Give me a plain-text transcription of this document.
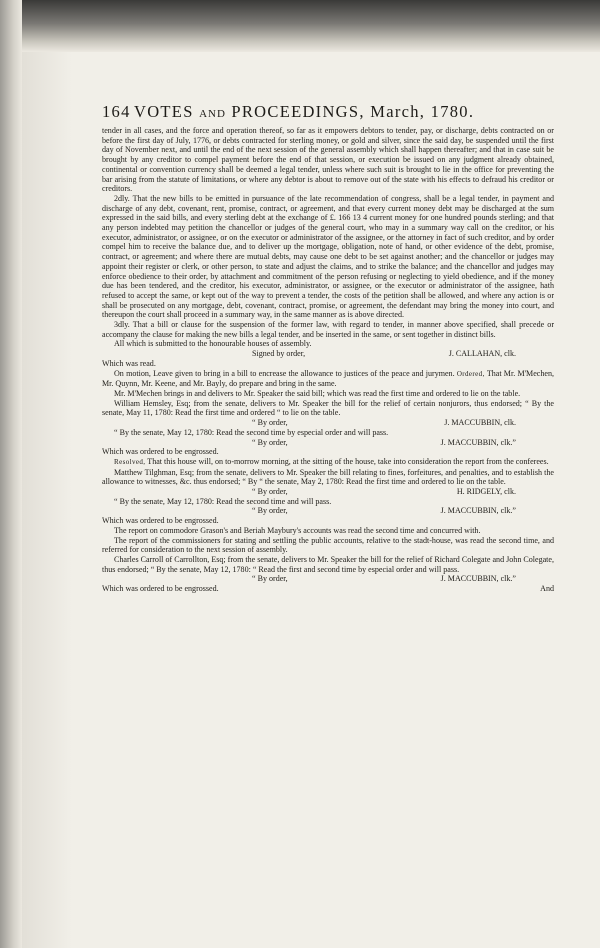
164 VOTES AND PROCEEDINGS, March, 1780.

tender in all cases, and the force and operation thereof, so far as it empowers debtors to tender, pay, or discharge, debts contracted on or before the first day of July, 1776, or debts contracted for sterling money, or gold and silver, since the said day, be suspended until the first day of November next, and until the end of the next session of the general assembly which shall happen thereafter; and that in case suit be brought by any creditor to compel payment before the end of that session, or execution be issued on any judgment already obtained, continental or convention currency shall be deemed a legal tender, unless where such suit is brought to lie in the office for preventing the bar arising from the statute of limitations, or where any debtor is about to remove out of the state with his effects to defraud his creditor or creditors.

2dly. That the new bills to be emitted in pursuance of the late recommendation of congress, shall be a legal tender, in payment and discharge of any debt, covenant, rent, promise, contract, or agreement, and that every current money debt may be discharged at the sum expressed in the said bills, and every sterling debt at the exchange of £. 166 13 4 current money for one hundred pounds sterling; and that any person indebted may petition the chancellor or judges of the general court, who may in a summary way call on the creditor, or his executor, administrator, or assignee, or on the executor or administrator of the assignee, or the attorney in fact of such creditor, and by order compel him to receive the balance due, and to deliver up the mortgage, obligation, note of hand, or other evidence of the debt, promise, contract, or agreement; and where there are mutual debts, may cause one debt to be set against another; and the chancellor or judges may appoint their register or clerk, or other person, to state and adjust the claims, and to strike the balance; and the chancellor and judges may enforce obedience to their order, by attachment and commitment of the person refusing or neglecting to yield obedience, and if the money due has been tendered, and the creditor, his executor, administrator, or assignee, or the executor or administrator of the assignee, hath refused to accept the same, or kept out of the way to prevent a tender, the costs of the petition shall be allowed, and where any action is or shall be prosecuted on any mortgage, debt, covenant, contract, promise, or agreement, the defendant may bring the money into court, and thereupon the court shall proceed in a summary way, in the same manner as is above directed.

3dly. That a bill or clause for the suspension of the former law, with regard to tender, in manner above specified, shall precede or accompany the clause for making the new bills a legal tender, and be inserted in the same, or sent together in distinct bills.

All which is submitted to the honourable houses of assembly.

Signed by order,	J. CALLAHAN, clk.

Which was read.

On motion, Leave given to bring in a bill to encrease the allowance to justices of the peace and jurymen. Ordered, That Mr. M'Mechen, Mr. Quynn, Mr. Keene, and Mr. Bayly, do prepare and bring in the same.

Mr. M'Mechen brings in and delivers to Mr. Speaker the said bill; which was read the first time and ordered to lie on the table.

William Hemsley, Esq; from the senate, delivers to Mr. Speaker the bill for the relief of certain nonjurors, thus endorsed; “ By the senate, May 11, 1780: Read the first time and ordered “ to lie on the table.

“ By order,	J. MACCUBBIN, clk.

“ By the senate, May 12, 1780: Read the second time by especial order and will pass.

“ By order,	J. MACCUBBIN, clk.”

Which was ordered to be engrossed.

Resolved, That this house will, on to-morrow morning, at the sitting of the house, take into consideration the report from the conferees.

Matthew Tilghman, Esq; from the senate, delivers to Mr. Speaker the bill relating to fines, forfeitures, and penalties, and to establish the allowance to witnesses, &c. thus endorsed; “ By “ the senate, May 2, 1780: Read the first time and ordered to lie on the table.

“ By order,	H. RIDGELY, clk.

“ By the senate, May 12, 1780: Read the second time and will pass.

“ By order,	J. MACCUBBIN, clk.”

Which was ordered to be engrossed.

The report on commodore Grason's and Beriah Maybury's accounts was read the second time and concurred with.

The report of the commissioners for stating and settling the public accounts, relative to the stadt-house, was read the second time, and referred for consideration to the next session of assembly.

Charles Carroll of Carrollton, Esq; from the senate, delivers to Mr. Speaker the bill for the relief of Richard Colegate and John Colegate, thus endorsed; “ By the senate, May 12, 1780: “ Read the first and second time by especial order and will pass.

“ By order,	J. MACCUBBIN, clk.”

Which was ordered to be engrossed.	And
